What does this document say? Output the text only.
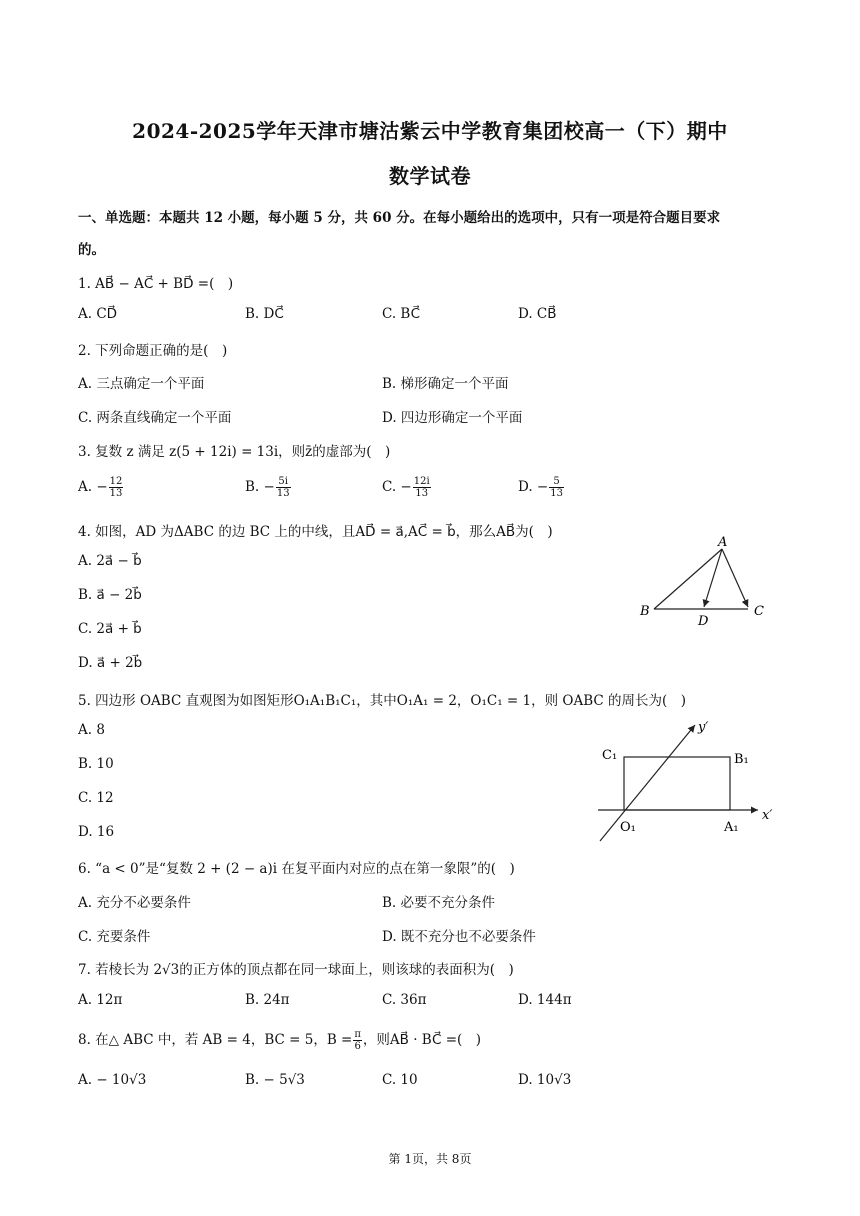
2024-2025学年天津市塘沽紫云中学教育集团校高一（下）期中
数学试卷
一、单选题：本题共 12 小题，每小题 5 分，共 60 分。在每小题给出的选项中，只有一项是符合题目要求
的。
1. AB⃗ − AC⃗ + BD⃗ =(　)
A. CD⃗	B. DC⃗	C. BC⃗	D. CB⃗
2. 下列命题正确的是(　)
A. 三点确定一个平面	B. 梯形确定一个平面
C. 两条直线确定一个平面	D. 四边形确定一个平面
3. 复数 z 满足 z(5 + 12i) = 13i，则z̄的虚部为(　)
A. − $\frac{12}{13}$	B. − $\frac{5i}{13}$	C. − $\frac{12i}{13}$	D. − $\frac{5}{13}$
4. 如图，AD 为ΔABC 的边 BC 上的中线，且AD⃗ = a⃗,AC⃗ = b⃗，那么AB⃗为(　)
A. 2a⃗ − b⃗
B. a⃗ − 2b⃗
C. 2a⃗ + b⃗
D. a⃗ + 2b⃗
A
B	C
D
5. 四边形 OABC 直观图为如图矩形O₁A₁B₁C₁，其中O₁A₁ = 2，O₁C₁ = 1，则 OABC 的周长为(　)
A. 8
B. 10
C. 12
D. 16
y′
x′
C₁	B₁
O₁	A₁
6. “a < 0”是“复数 2 + (2 − a)i 在复平面内对应的点在第一象限”的(　)
A. 充分不必要条件	B. 必要不充分条件
C. 充要条件	D. 既不充分也不必要条件
7. 若棱长为 2√3的正方体的顶点都在同一球面上，则该球的表面积为(　)
A. 12π	B. 24π	C. 36π	D. 144π
8. 在△ ABC 中，若 AB = 4，BC = 5，$B = \frac{\pi}{6}$ ，则AB⃗ · BC⃗ =(　)
A. − 10√3	B. − 5√3	C. 10	D. 10√3
第 1页，共 8页
